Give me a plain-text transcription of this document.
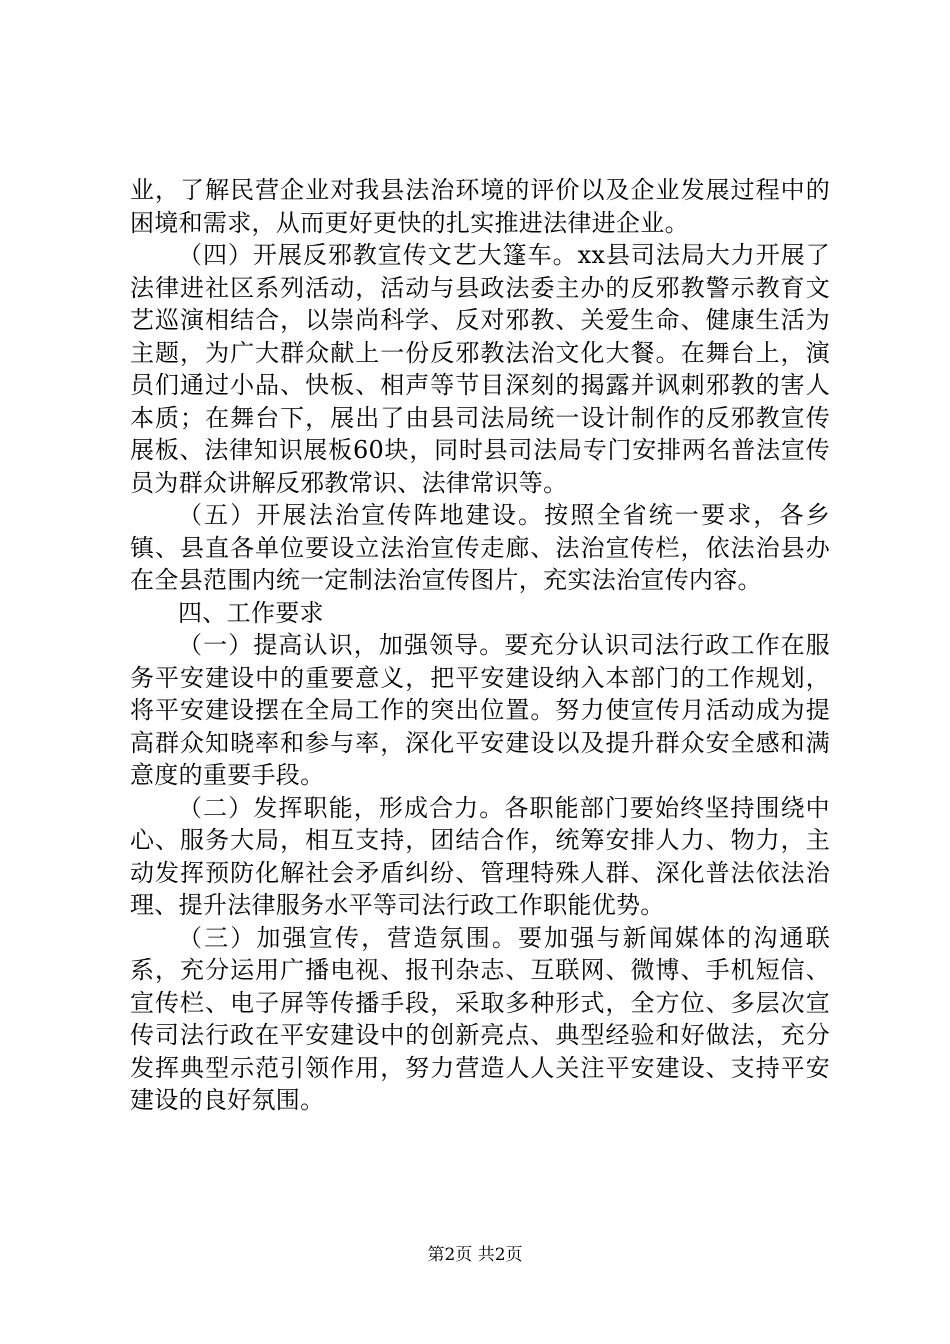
业，了解民营企业对我县法治环境的评价以及企业发展过程中的困境和需求，从而更好更快的扎实推进法律进企业。

（四）开展反邪教宣传文艺大篷车。xx县司法局大力开展了法律进社区系列活动，活动与县政法委主办的反邪教警示教育文艺巡演相结合，以崇尚科学、反对邪教、关爱生命、健康生活为主题，为广大群众献上一份反邪教法治文化大餐。在舞台上，演员们通过小品、快板、相声等节目深刻的揭露并讽刺邪教的害人本质；在舞台下，展出了由县司法局统一设计制作的反邪教宣传展板、法律知识展板60块，同时县司法局专门安排两名普法宣传员为群众讲解反邪教常识、法律常识等。

（五）开展法治宣传阵地建设。按照全省统一要求，各乡镇、县直各单位要设立法治宣传走廊、法治宣传栏，依法治县办在全县范围内统一定制法治宣传图片，充实法治宣传内容。

四、工作要求

（一）提高认识，加强领导。要充分认识司法行政工作在服务平安建设中的重要意义，把平安建设纳入本部门的工作规划，将平安建设摆在全局工作的突出位置。努力使宣传月活动成为提高群众知晓率和参与率，深化平安建设以及提升群众安全感和满意度的重要手段。

（二）发挥职能，形成合力。各职能部门要始终坚持围绕中心、服务大局，相互支持，团结合作，统筹安排人力、物力，主动发挥预防化解社会矛盾纠纷、管理特殊人群、深化普法依法治理、提升法律服务水平等司法行政工作职能优势。

（三）加强宣传，营造氛围。要加强与新闻媒体的沟通联系，充分运用广播电视、报刊杂志、互联网、微博、手机短信、宣传栏、电子屏等传播手段，采取多种形式，全方位、多层次宣传司法行政在平安建设中的创新亮点、典型经验和好做法，充分发挥典型示范引领作用，努力营造人人关注平安建设、支持平安建设的良好氛围。

第2页 共2页
